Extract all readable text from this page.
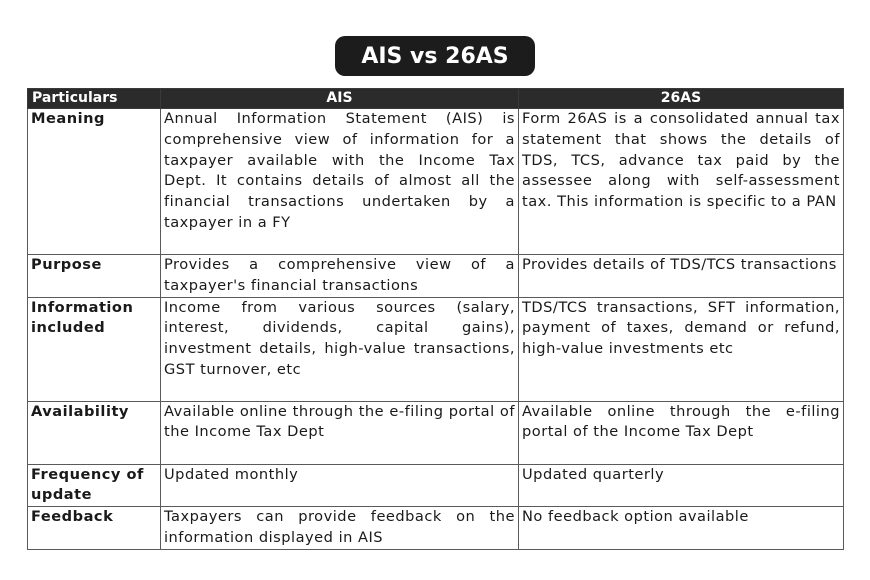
AIS vs 26AS
Particulars	AIS	26AS
Meaning	Annual Information Statement (AIS) is comprehensive view of information for a taxpayer available with the Income Tax Dept. It contains details of almost all the financial transactions undertaken by a taxpayer in a FY	Form 26AS is a consolidated annual tax statement that shows the details of TDS, TCS, advance tax paid by the assessee along with self-assessment tax. This information is specific to a PAN
Purpose	Provides a comprehensive view of a taxpayer's financial transactions	Provides details of TDS/TCS transactions
Information included	Income from various sources (salary, interest, dividends, capital gains), investment details, high-value transactions, GST turnover, etc	TDS/TCS transactions, SFT information, payment of taxes, demand or refund, high-value investments etc
Availability	Available online through the e-filing portal of the Income Tax Dept	Available online through the e-filing portal of the Income Tax Dept
Frequency of update	Updated monthly	Updated quarterly
Feedback	Taxpayers can provide feedback on the information displayed in AIS	No feedback option available
